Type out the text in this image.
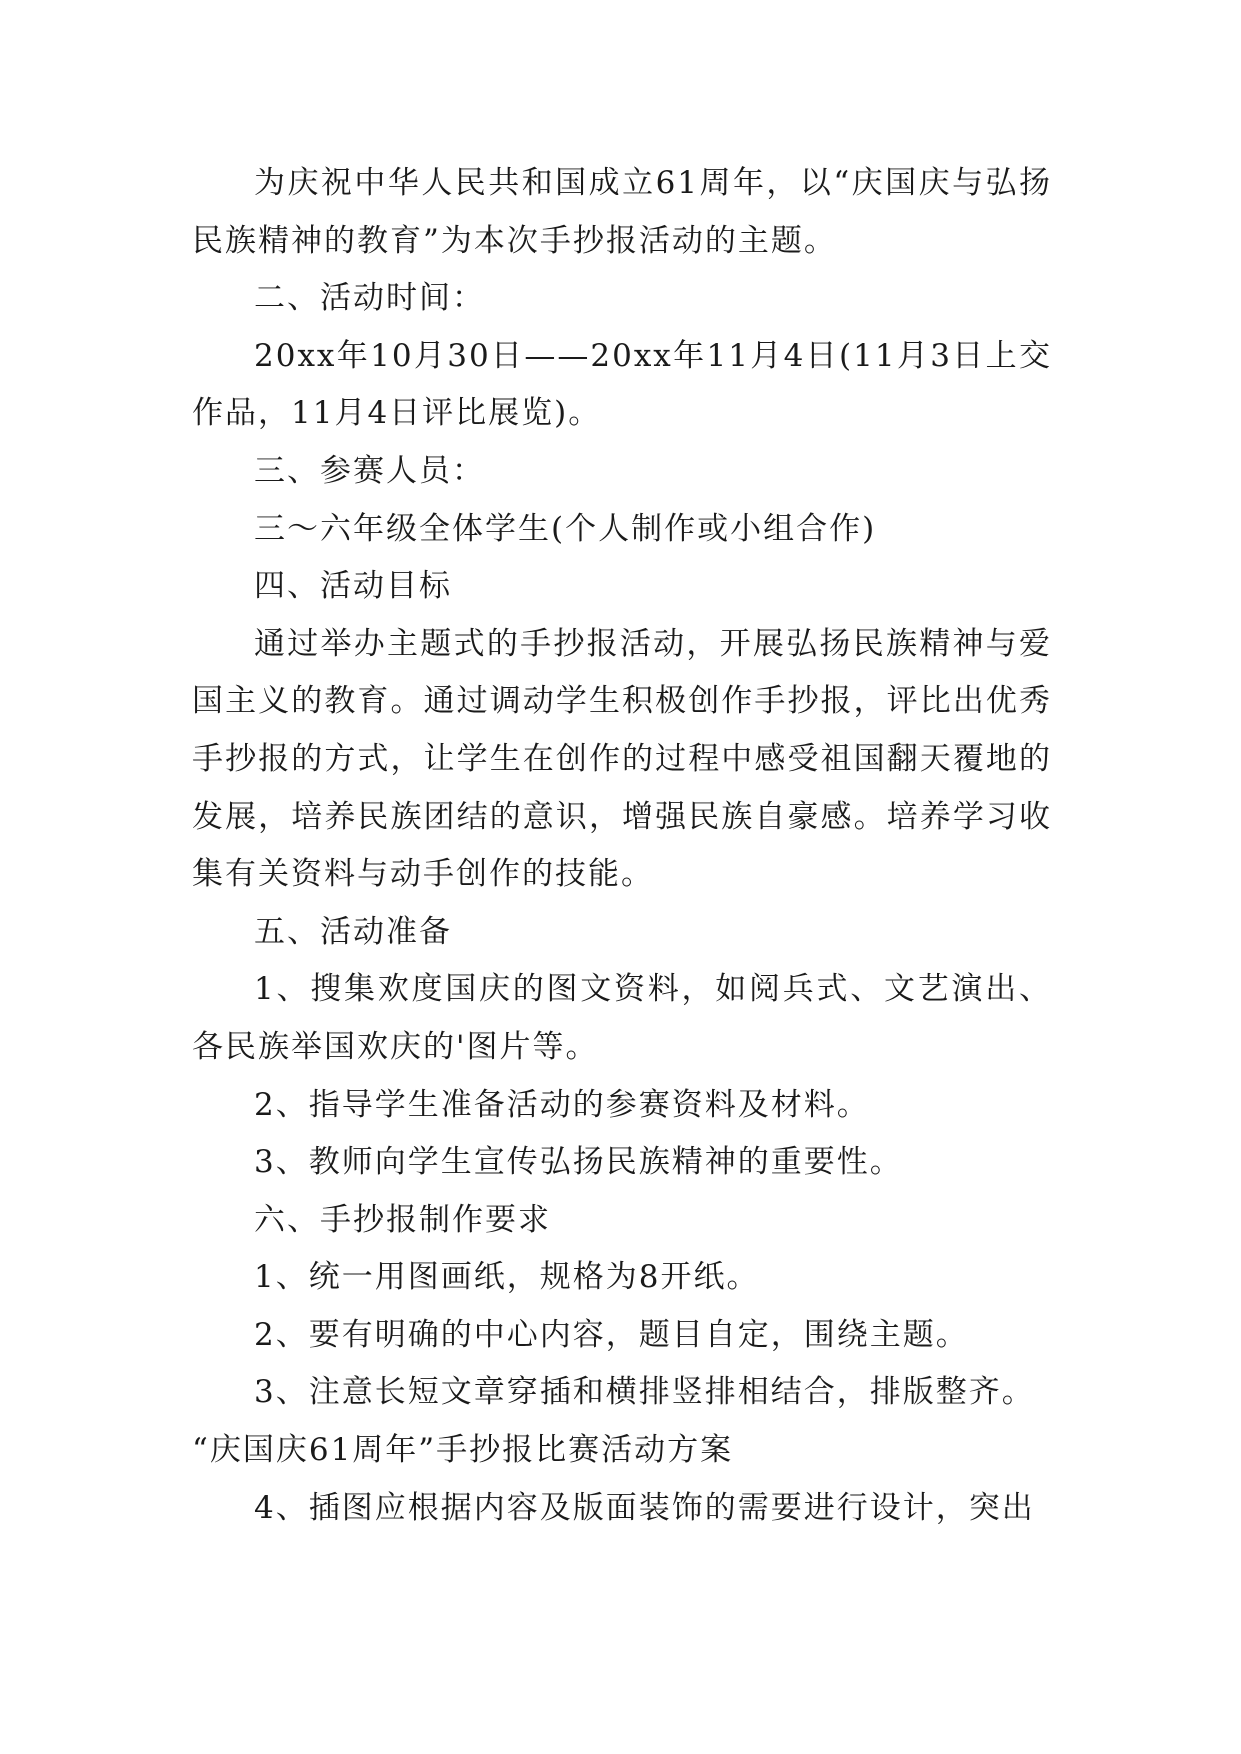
为庆祝中华人民共和国成立61周年，以“庆国庆与弘扬民族精神的教育”为本次手抄报活动的主题。

二、活动时间：

20xx年10月30日——20xx年11月4日(11月3日上交作品，11月4日评比展览)。

三、参赛人员：

三～六年级全体学生(个人制作或小组合作)

四、活动目标

通过举办主题式的手抄报活动，开展弘扬民族精神与爱国主义的教育。通过调动学生积极创作手抄报，评比出优秀手抄报的方式，让学生在创作的过程中感受祖国翻天覆地的发展，培养民族团结的意识，增强民族自豪感。培养学习收集有关资料与动手创作的技能。

五、活动准备

1、搜集欢度国庆的图文资料，如阅兵式、文艺演出、各民族举国欢庆的'图片等。

2、指导学生准备活动的参赛资料及材料。

3、教师向学生宣传弘扬民族精神的重要性。

六、手抄报制作要求

1、统一用图画纸，规格为8开纸。

2、要有明确的中心内容，题目自定，围绕主题。

3、注意长短文章穿插和横排竖排相结合，排版整齐。

“庆国庆61周年”手抄报比赛活动方案

4、插图应根据内容及版面装饰的需要进行设计，突出
